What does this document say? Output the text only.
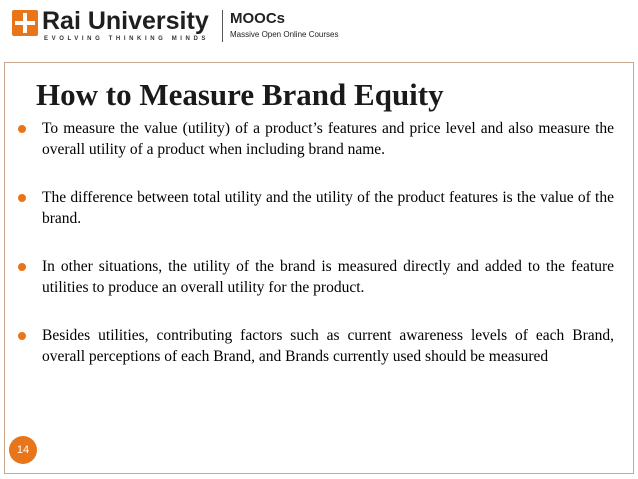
Rai University
EVOLVING THINKING MINDS
MOOCs
Massive Open Online Courses
How to Measure Brand Equity
To measure the value (utility) of a product’s features and price level and also measure the overall utility of a product when including brand name.
The difference between total utility and the utility of the product features is the value of the brand.
In other situations, the utility of the brand is measured directly and added to the feature utilities to produce an overall utility for the product.
Besides utilities, contributing factors such as current awareness levels of each Brand, overall perceptions of each Brand, and Brands currently used should be measured
14
